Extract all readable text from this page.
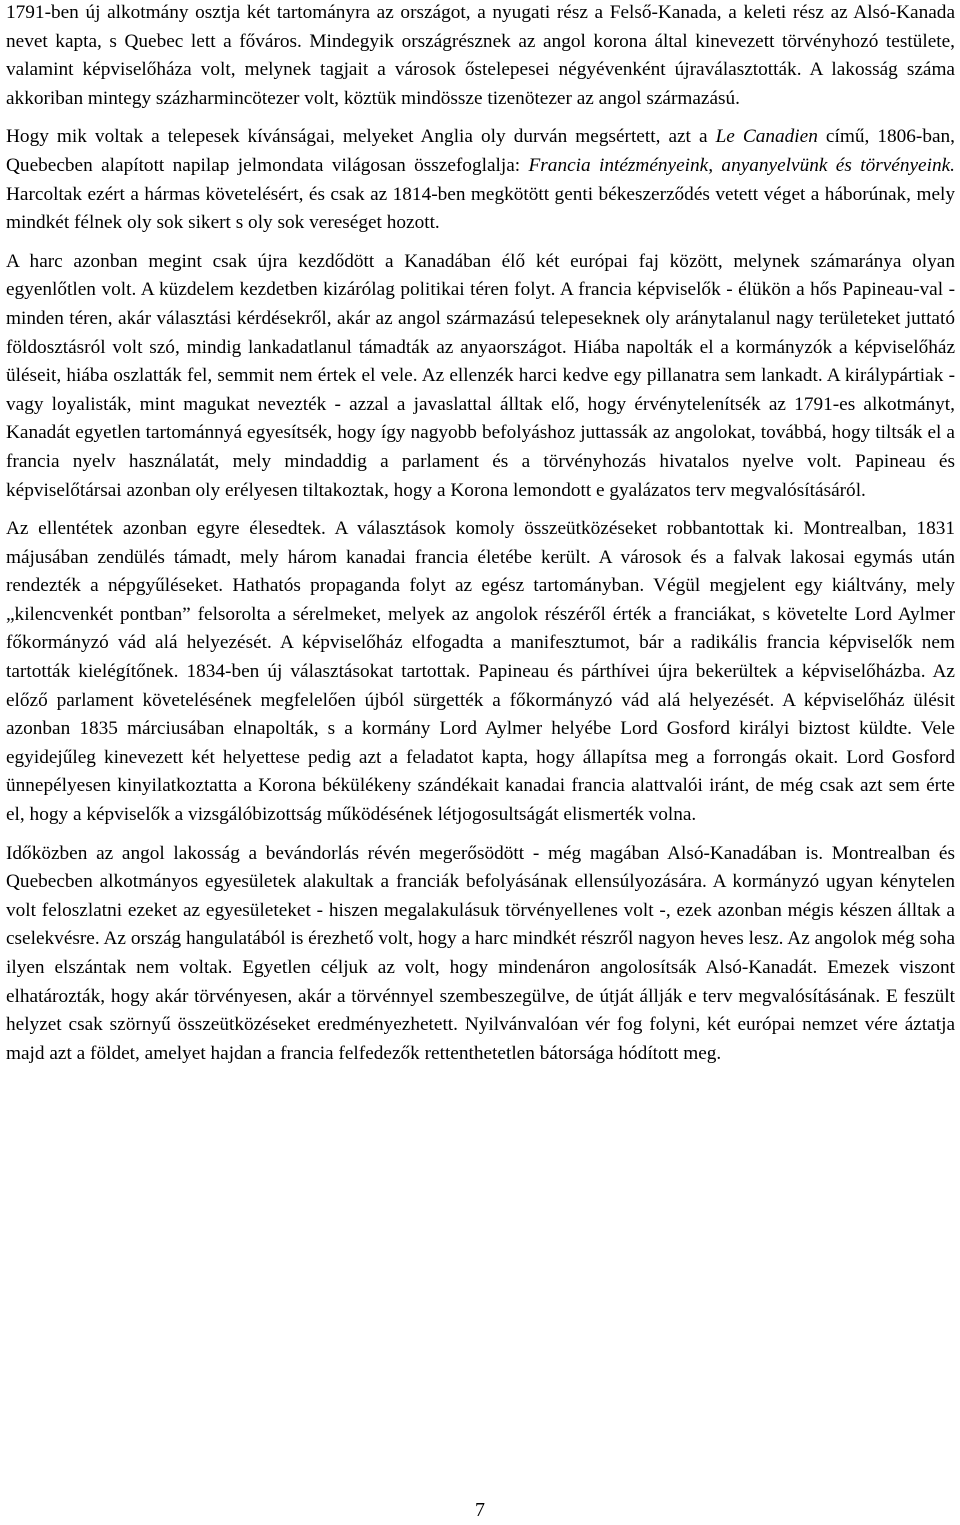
1791-ben új alkotmány osztja két tartományra az országot, a nyugati rész a Felső-Kanada, a keleti rész az Alsó-Kanada nevet kapta, s Quebec lett a főváros. Mindegyik országrésznek az angol korona által kinevezett törvényhozó testülete, valamint képviselőháza volt, melynek tagjait a városok őstelepesei négyévenként újraválasztották. A lakosság száma akkoriban mintegy százharmincötezer volt, köztük mindössze tizenötezer az angol származású.

Hogy mik voltak a telepesek kívánságai, melyeket Anglia oly durván megsértett, azt a Le Canadien című, 1806-ban, Quebecben alapított napilap jelmondata világosan összefoglalja: Francia intézményeink, anyanyelvünk és törvényeink. Harcoltak ezért a hármas követelésért, és csak az 1814-ben megkötött genti békeszerződés vetett véget a háborúnak, mely mindkét félnek oly sok sikert s oly sok vereséget hozott.

A harc azonban megint csak újra kezdődött a Kanadában élő két európai faj között, melynek számaránya olyan egyenlőtlen volt. A küzdelem kezdetben kizárólag politikai téren folyt. A francia képviselők - élükön a hős Papineau-val - minden téren, akár választási kérdésekről, akár az angol származású telepeseknek oly aránytalanul nagy területeket juttató földosztásról volt szó, mindig lankadatlanul támadták az anyaországot. Hiába napolták el a kormányzók a képviselőház üléseit, hiába oszlatták fel, semmit nem értek el vele. Az ellenzék harci kedve egy pillanatra sem lankadt. A királypártiak - vagy loyalisták, mint magukat nevezték - azzal a javaslattal álltak elő, hogy érvénytelenítsék az 1791-es alkotmányt, Kanadát egyetlen tartománnyá egyesítsék, hogy így nagyobb befolyáshoz juttassák az angolokat, továbbá, hogy tiltsák el a francia nyelv használatát, mely mindaddig a parlament és a törvényhozás hivatalos nyelve volt. Papineau és képviselőtársai azonban oly erélyesen tiltakoztak, hogy a Korona lemondott e gyalázatos terv megvalósításáról.

Az ellentétek azonban egyre élesedtek. A választások komoly összeütközéseket robbantottak ki. Montrealban, 1831 májusában zendülés támadt, mely három kanadai francia életébe került. A városok és a falvak lakosai egymás után rendezték a népgyűléseket. Hathatós propaganda folyt az egész tartományban. Végül megjelent egy kiáltvány, mely „kilencvenkét pontban” felsorolta a sérelmeket, melyek az angolok részéről érték a franciákat, s követelte Lord Aylmer főkormányzó vád alá helyezését. A képviselőház elfogadta a manifesztumot, bár a radikális francia képviselők nem tartották kielégítőnek. 1834-ben új választásokat tartottak. Papineau és párthívei újra bekerültek a képviselőházba. Az előző parlament követelésének megfelelően újból sürgették a főkormányzó vád alá helyezését. A képviselőház ülésit azonban 1835 márciusában elnapolták, s a kormány Lord Aylmer helyébe Lord Gosford királyi biztost küldte. Vele egyidejűleg kinevezett két helyettese pedig azt a feladatot kapta, hogy állapítsa meg a forrongás okait. Lord Gosford ünnepélyesen kinyilatkoztatta a Korona békülékeny szándékait kanadai francia alattvalói iránt, de még csak azt sem érte el, hogy a képviselők a vizsgálóbizottság működésének létjogosultságát elismerték volna.

Időközben az angol lakosság a bevándorlás révén megerősödött - még magában Alsó-Kanadában is. Montrealban és Quebecben alkotmányos egyesületek alakultak a franciák befolyásának ellensúlyozására. A kormányzó ugyan kénytelen volt feloszlatni ezeket az egyesületeket - hiszen megalakulásuk törvényellenes volt -, ezek azonban mégis készen álltak a cselekvésre. Az ország hangulatából is érezhető volt, hogy a harc mindkét részről nagyon heves lesz. Az angolok még soha ilyen elszántak nem voltak. Egyetlen céljuk az volt, hogy mindenáron angolosítsák Alsó-Kanadát. Emezek viszont elhatározták, hogy akár törvényesen, akár a törvénnyel szembeszegülve, de útját állják e terv megvalósításának. E feszült helyzet csak szörnyű összeütközéseket eredményezhetett. Nyilvánvalóan vér fog folyni, két európai nemzet vére áztatja majd azt a földet, amelyet hajdan a francia felfedezők rettenthetetlen bátorsága hódított meg.

7
